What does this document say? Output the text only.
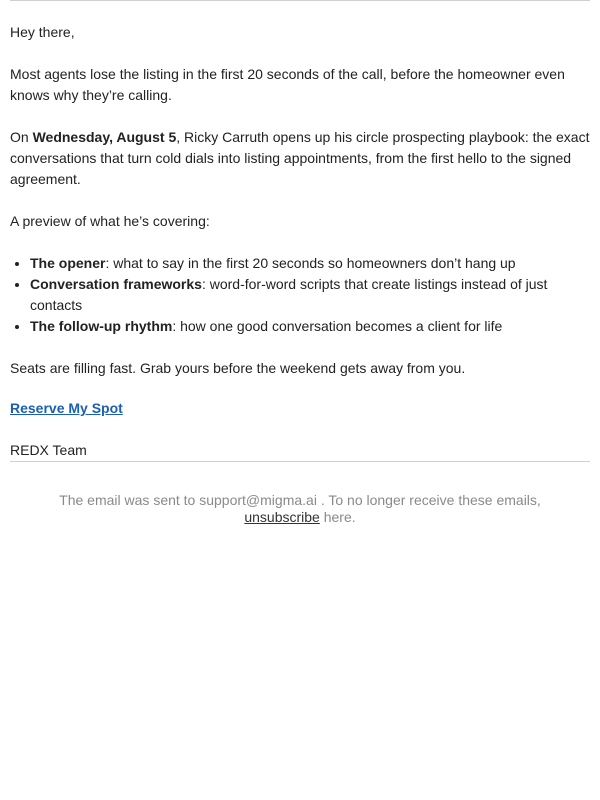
Hey there,

Most agents lose the listing in the first 20 seconds of the call, before the homeowner even knows why they’re calling.

On Wednesday, August 5, Ricky Carruth opens up his circle prospecting playbook: the exact conversations that turn cold dials into listing appointments, from the first hello to the signed agreement.

A preview of what he’s covering:

• The opener: what to say in the first 20 seconds so homeowners don’t hang up
• Conversation frameworks: word-for-word scripts that create listings instead of just contacts
• The follow-up rhythm: how one good conversation becomes a client for life

Seats are filling fast. Grab yours before the weekend gets away from you.

Reserve My Spot

REDX Team

The email was sent to support@migma.ai . To no longer receive these emails,
unsubscribe here.
